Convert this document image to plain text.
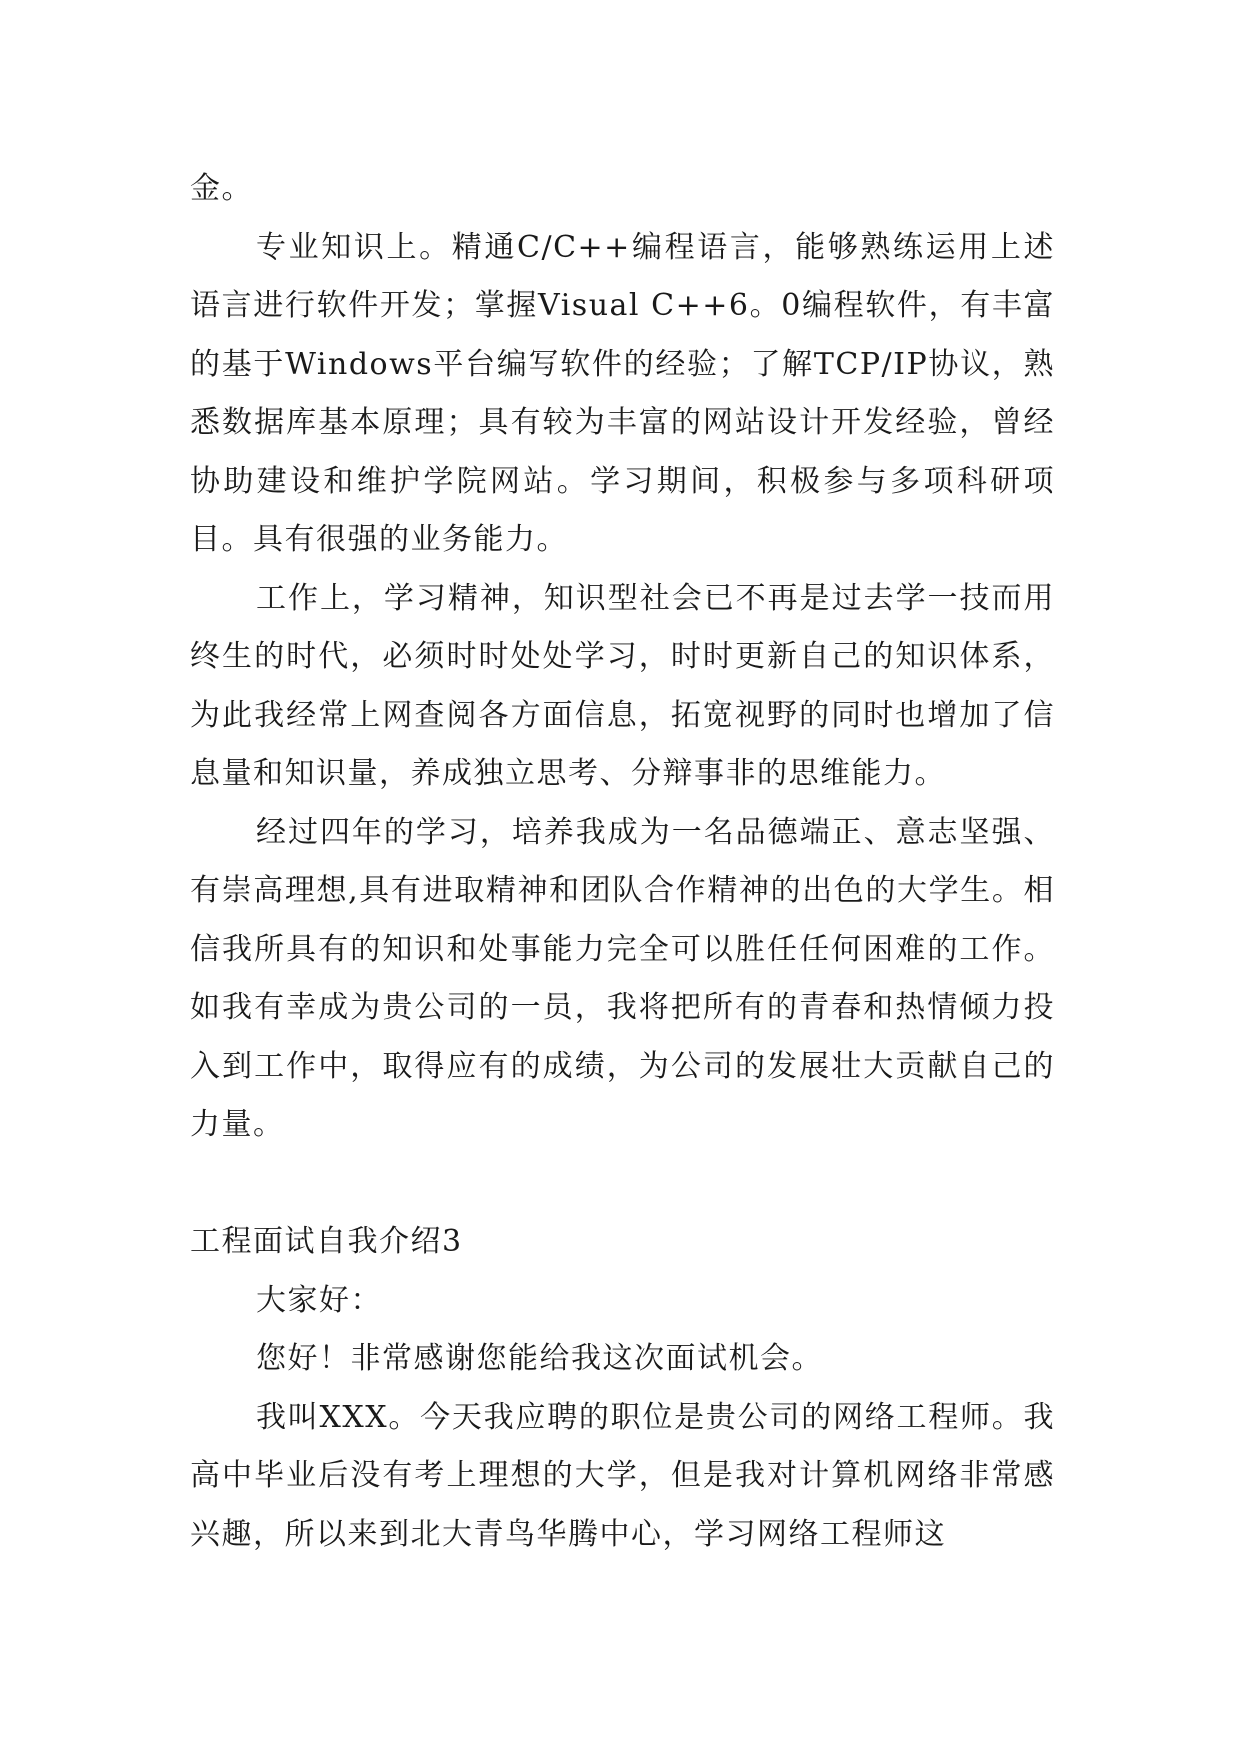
金。

专业知识上。精通C/C++编程语言，能够熟练运用上述语言进行软件开发；掌握Visual C++6。0编程软件，有丰富的基于Windows平台编写软件的经验；了解TCP/IP协议，熟悉数据库基本原理；具有较为丰富的网站设计开发经验，曾经协助建设和维护学院网站。学习期间，积极参与多项科研项目。具有很强的业务能力。

工作上，学习精神，知识型社会已不再是过去学一技而用终生的时代，必须时时处处学习，时时更新自己的知识体系，为此我经常上网查阅各方面信息，拓宽视野的同时也增加了信息量和知识量，养成独立思考、分辩事非的思维能力。

经过四年的学习，培养我成为一名品德端正、意志坚强、有崇高理想,具有进取精神和团队合作精神的出色的大学生。相信我所具有的知识和处事能力完全可以胜任任何困难的工作。如我有幸成为贵公司的一员，我将把所有的青春和热情倾力投入到工作中，取得应有的成绩，为公司的发展壮大贡献自己的力量。

工程面试自我介绍3

大家好：

您好！非常感谢您能给我这次面试机会。

我叫XXX。今天我应聘的职位是贵公司的网络工程师。我高中毕业后没有考上理想的大学，但是我对计算机网络非常感兴趣，所以来到北大青鸟华腾中心，学习网络工程师这
